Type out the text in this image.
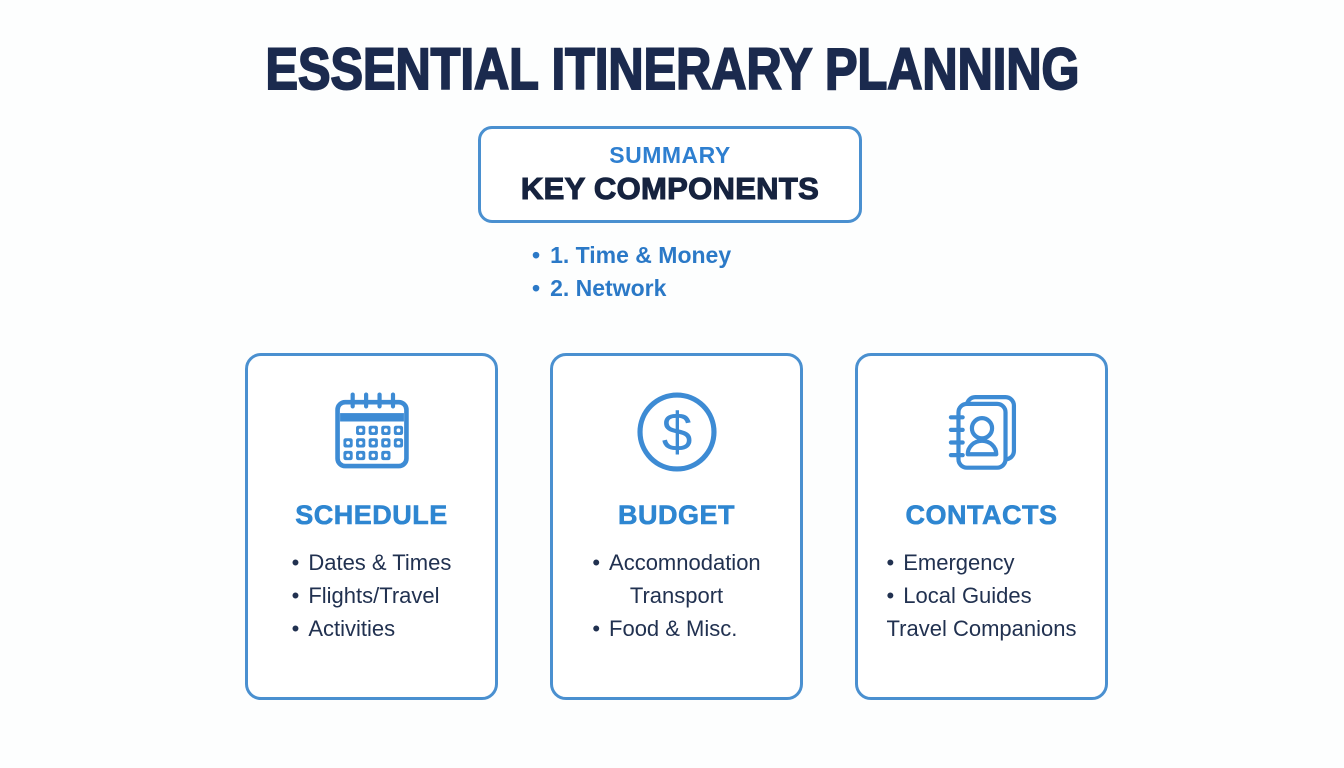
ESSENTIAL ITINERARY PLANNING
SUMMARY
KEY COMPONENTS
• 1. Time & Money
• 2. Network
SCHEDULE
• Dates & Times
• Flights/Travel
• Activities
$
BUDGET
• Accomnodation
Transport
• Food & Misc.
CONTACTS
• Emergency
• Local Guides
Travel Companions
